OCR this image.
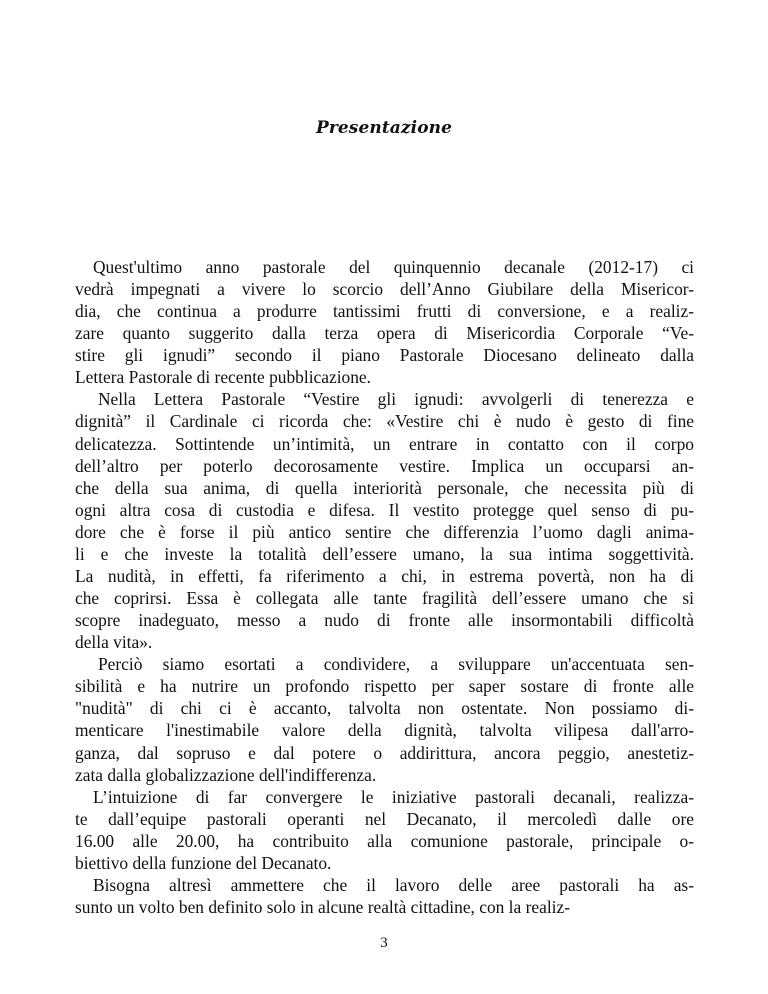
Presentazione
Quest'ultimo anno pastorale del quinquennio decanale (2012-17) ci
vedrà impegnati a vivere lo scorcio dell’Anno Giubilare della Misericor-
dia, che continua a produrre tantissimi frutti di conversione, e a realiz-
zare quanto suggerito dalla terza opera di Misericordia Corporale “Ve-
stire gli ignudi” secondo il piano Pastorale Diocesano delineato dalla
Lettera Pastorale di recente pubblicazione.
Nella Lettera Pastorale “Vestire gli ignudi: avvolgerli di tenerezza e
dignità” il Cardinale ci ricorda che: «Vestire chi è nudo è gesto di fine
delicatezza. Sottintende un’intimità, un entrare in contatto con il corpo
dell’altro per poterlo decorosamente vestire. Implica un occuparsi an-
che della sua anima, di quella interiorità personale, che necessita più di
ogni altra cosa di custodia e difesa. Il vestito protegge quel senso di pu-
dore che è forse il più antico sentire che differenzia l’uomo dagli anima-
li e che investe la totalità dell’essere umano, la sua intima soggettività.
La nudità, in effetti, fa riferimento a chi, in estrema povertà, non ha di
che coprirsi. Essa è collegata alle tante fragilità dell’essere umano che si
scopre inadeguato, messo a nudo di fronte alle insormontabili difficoltà
della vita».
Perciò siamo esortati a condividere, a sviluppare un'accentuata sen-
sibilità e ha nutrire un profondo rispetto per saper sostare di fronte alle
"nudità" di chi ci è accanto, talvolta non ostentate. Non possiamo di-
menticare l'inestimabile valore della dignità, talvolta vilipesa dall'arro-
ganza, dal sopruso e dal potere o addirittura, ancora peggio, anestetiz-
zata dalla globalizzazione dell'indifferenza.
L’intuizione di far convergere le iniziative pastorali decanali, realizza-
te dall’equipe pastorali operanti nel Decanato, il mercoledì dalle ore
16.00 alle 20.00, ha contribuito alla comunione pastorale, principale o-
biettivo della funzione del Decanato.
Bisogna altresì ammettere che il lavoro delle aree pastorali ha as-
sunto un volto ben definito solo in alcune realtà cittadine, con la realiz-
3
